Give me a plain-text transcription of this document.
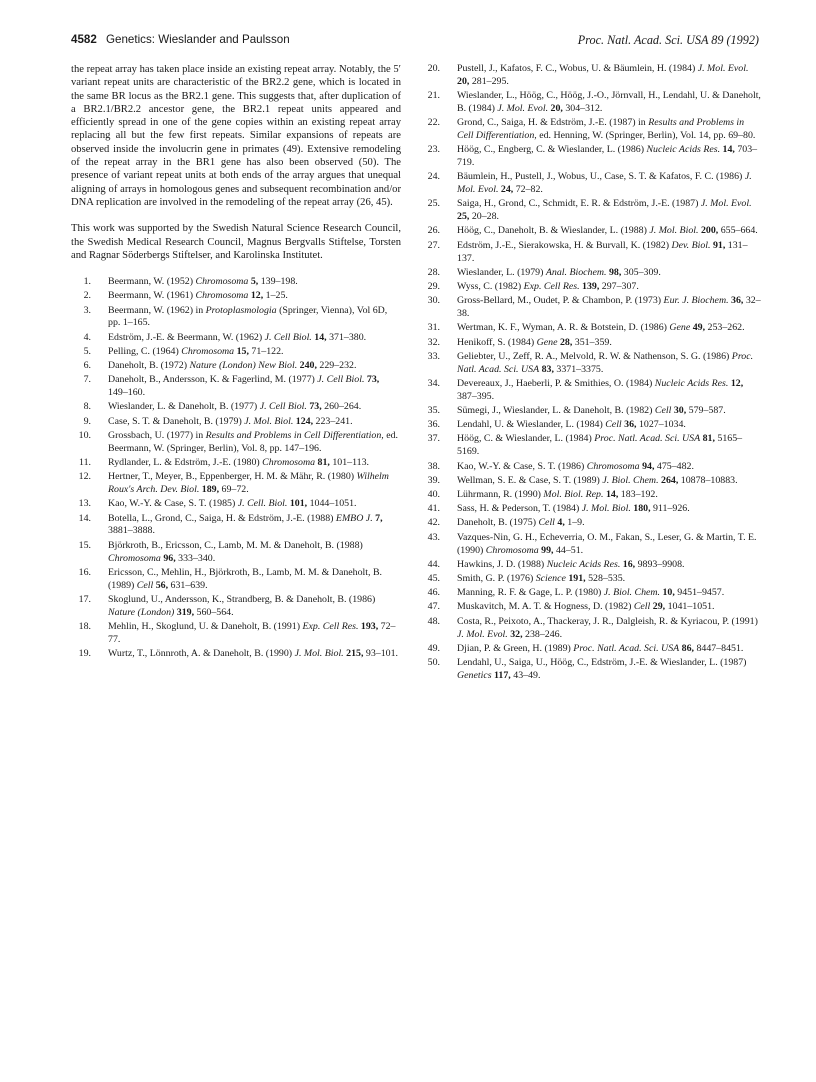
4582 Genetics: Wieslander and Paulsson	Proc. Natl. Acad. Sci. USA 89 (1992)

the repeat array has taken place inside an existing repeat array. Notably, the 5′ variant repeat units are characteristic of the BR2.2 gene, which is located in the same BR locus as the BR2.1 gene. This suggests that, after duplication of a BR2.1/BR2.2 ancestor gene, the BR2.1 repeat units appeared and efficiently spread in one of the gene copies within an existing repeat array replacing all but the few first repeats. Similar expansions of repeats are observed inside the involucrin gene in primates (49). Extensive remodeling of the repeat array in the BR1 gene has also been observed (50). The presence of variant repeat units at both ends of the array argues that unequal aligning of arrays in homologous genes and subsequent recombination and/or DNA replication are involved in the remodeling of the repeat array (26, 45).

This work was supported by the Swedish Natural Science Research Council, the Swedish Medical Research Council, Magnus Bergvalls Stiftelse, Torsten and Ragnar Söderbergs Stiftelser, and Karolinska Institutet.

1. Beermann, W. (1952) Chromosoma 5, 139–198.
2. Beermann, W. (1961) Chromosoma 12, 1–25.
3. Beermann, W. (1962) in Protoplasmologia (Springer, Vienna), Vol 6D, pp. 1–165.
4. Edström, J.-E. & Beermann, W. (1962) J. Cell Biol. 14, 371–380.
5. Pelling, C. (1964) Chromosoma 15, 71–122.
6. Daneholt, B. (1972) Nature (London) New Biol. 240, 229–232.
7. Daneholt, B., Andersson, K. & Fagerlind, M. (1977) J. Cell Biol. 73, 149–160.
8. Wieslander, L. & Daneholt, B. (1977) J. Cell Biol. 73, 260–264.
9. Case, S. T. & Daneholt, B. (1979) J. Mol. Biol. 124, 223–241.
10. Grossbach, U. (1977) in Results and Problems in Cell Differentiation, ed. Beermann, W. (Springer, Berlin), Vol. 8, pp. 147–196.
11. Rydlander, L. & Edström, J.-E. (1980) Chromosoma 81, 101–113.
12. Hertner, T., Meyer, B., Eppenberger, H. M. & Mähr, R. (1980) Wilhelm Roux's Arch. Dev. Biol. 189, 69–72.
13. Kao, W.-Y. & Case, S. T. (1985) J. Cell. Biol. 101, 1044–1051.
14. Botella, L., Grond, C., Saiga, H. & Edström, J.-E. (1988) EMBO J. 7, 3881–3888.
15. Björkroth, B., Ericsson, C., Lamb, M. M. & Daneholt, B. (1988) Chromosoma 96, 333–340.
16. Ericsson, C., Mehlin, H., Björkroth, B., Lamb, M. M. & Daneholt, B. (1989) Cell 56, 631–639.
17. Skoglund, U., Andersson, K., Strandberg, B. & Daneholt, B. (1986) Nature (London) 319, 560–564.
18. Mehlin, H., Skoglund, U. & Daneholt, B. (1991) Exp. Cell Res. 193, 72–77.
19. Wurtz, T., Lönnroth, A. & Daneholt, B. (1990) J. Mol. Biol. 215, 93–101.
20. Pustell, J., Kafatos, F. C., Wobus, U. & Bäumlein, H. (1984) J. Mol. Evol. 20, 281–295.
21. Wieslander, L., Höög, C., Höög, J.-O., Jörnvall, H., Lendahl, U. & Daneholt, B. (1984) J. Mol. Evol. 20, 304–312.
22. Grond, C., Saiga, H. & Edström, J.-E. (1987) in Results and Problems in Cell Differentiation, ed. Henning, W. (Springer, Berlin), Vol. 14, pp. 69–80.
23. Höög, C., Engberg, C. & Wieslander, L. (1986) Nucleic Acids Res. 14, 703–719.
24. Bäumlein, H., Pustell, J., Wobus, U., Case, S. T. & Kafatos, F. C. (1986) J. Mol. Evol. 24, 72–82.
25. Saiga, H., Grond, C., Schmidt, E. R. & Edström, J.-E. (1987) J. Mol. Evol. 25, 20–28.
26. Höög, C., Daneholt, B. & Wieslander, L. (1988) J. Mol. Biol. 200, 655–664.
27. Edström, J.-E., Sierakowska, H. & Burvall, K. (1982) Dev. Biol. 91, 131–137.
28. Wieslander, L. (1979) Anal. Biochem. 98, 305–309.
29. Wyss, C. (1982) Exp. Cell Res. 139, 297–307.
30. Gross-Bellard, M., Oudet, P. & Chambon, P. (1973) Eur. J. Biochem. 36, 32–38.
31. Wertman, K. F., Wyman, A. R. & Botstein, D. (1986) Gene 49, 253–262.
32. Henikoff, S. (1984) Gene 28, 351–359.
33. Geliebter, U., Zeff, R. A., Melvold, R. W. & Nathenson, S. G. (1986) Proc. Natl. Acad. Sci. USA 83, 3371–3375.
34. Devereaux, J., Haeberli, P. & Smithies, O. (1984) Nucleic Acids Res. 12, 387–395.
35. Sümegi, J., Wieslander, L. & Daneholt, B. (1982) Cell 30, 579–587.
36. Lendahl, U. & Wieslander, L. (1984) Cell 36, 1027–1034.
37. Höög, C. & Wieslander, L. (1984) Proc. Natl. Acad. Sci. USA 81, 5165–5169.
38. Kao, W.-Y. & Case, S. T. (1986) Chromosoma 94, 475–482.
39. Wellman, S. E. & Case, S. T. (1989) J. Biol. Chem. 264, 10878–10883.
40. Lührmann, R. (1990) Mol. Biol. Rep. 14, 183–192.
41. Sass, H. & Pederson, T. (1984) J. Mol. Biol. 180, 911–926.
42. Daneholt, B. (1975) Cell 4, 1–9.
43. Vazques-Nin, G. H., Echeverria, O. M., Fakan, S., Leser, G. & Martin, T. E. (1990) Chromosoma 99, 44–51.
44. Hawkins, J. D. (1988) Nucleic Acids Res. 16, 9893–9908.
45. Smith, G. P. (1976) Science 191, 528–535.
46. Manning, R. F. & Gage, L. P. (1980) J. Biol. Chem. 10, 9451–9457.
47. Muskavitch, M. A. T. & Hogness, D. (1982) Cell 29, 1041–1051.
48. Costa, R., Peixoto, A., Thackeray, J. R., Dalgleish, R. & Kyriacou, P. (1991) J. Mol. Evol. 32, 238–246.
49. Djian, P. & Green, H. (1989) Proc. Natl. Acad. Sci. USA 86, 8447–8451.
50. Lendahl, U., Saiga, U., Höög, C., Edström, J.-E. & Wieslander, L. (1987) Genetics 117, 43–49.
